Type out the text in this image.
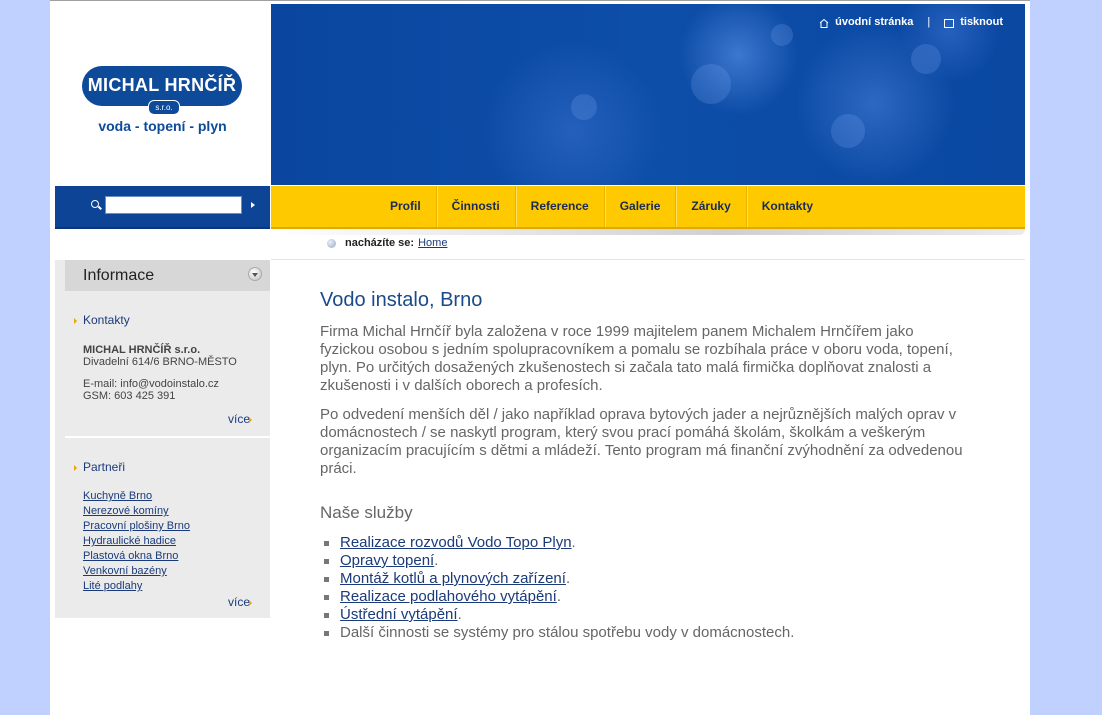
MICHAL HRNČÍŘ
s.r.o.
voda - topení - plyn
úvodní stránka |	tisknout
Profil	Činnosti	Reference	Galerie	Záruky	Kontakty
nacházíte se: Home
Informace
Kontakty
MICHAL HRNČÍŘ s.r.o.
Divadelní 614/6 BRNO-MĚSTO
E-mail: info@vodoinstalo.cz
GSM: 603 425 391
více
Partneři
Kuchyně Brno
Nerezové komíny
Pracovní plošiny Brno
Hydraulické hadice
Plastová okna Brno
Venkovní bazény
Lité podlahy
více
Vodo instalo, Brno

Firma Michal Hrnčíř byla založena v roce 1999 majitelem panem Michalem Hrnčířem jako fyzickou osobou s jedním spolupracovníkem a pomalu se rozbíhala práce v oboru voda, topení, plyn. Po určitých dosažených zkušenostech si začala tato malá firmička doplňovat znalosti a zkušenosti i v dalších oborech a profesích.

Po odvedení menších děl / jako například oprava bytových jader a nejrůznějších malých oprav v domácnostech / se naskytl program, který svou prací pomáhá školám, školkám a veškerým organizacím pracujícím s dětmi a mládeží. Tento program má finanční zvýhodnění za odvedenou práci.

Naše služby
Realizace rozvodů Vodo Topo Plyn.
Opravy topení.
Montáž kotlů a plynových zařízení.
Realizace podlahového vytápění.
Ústřední vytápění.
Další činnosti se systémy pro stálou spotřebu vody v domácnostech.
